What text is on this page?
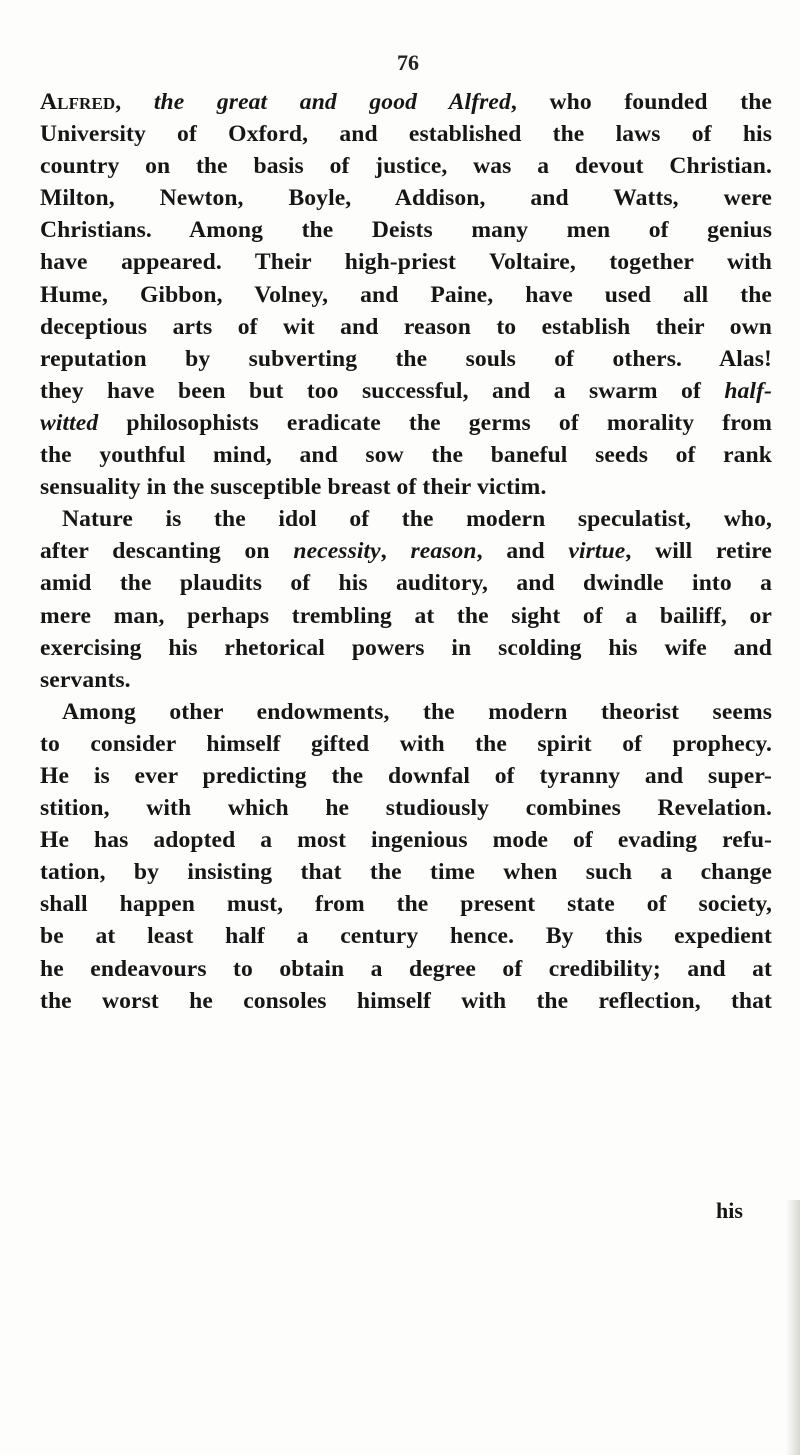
76
Alfred, the great and good Alfred, who founded the
University of Oxford, and established the laws of his
country on the basis of justice, was a devout Christian.
Milton, Newton, Boyle, Addison, and Watts, were
Christians. Among the Deists many men of genius
have appeared. Their high-priest Voltaire, together with
Hume, Gibbon, Volney, and Paine, have used all the
deceptious arts of wit and reason to establish their own
reputation by subverting the souls of others. Alas!
they have been but too successful, and a swarm of half-
witted philosophists eradicate the germs of morality from
the youthful mind, and sow the baneful seeds of rank
sensuality in the susceptible breast of their victim.
Nature is the idol of the modern speculatist, who,
after descanting on necessity, reason, and virtue, will retire
amid the plaudits of his auditory, and dwindle into a
mere man, perhaps trembling at the sight of a bailiff, or
exercising his rhetorical powers in scolding his wife and
servants.
Among other endowments, the modern theorist seems
to consider himself gifted with the spirit of prophecy.
He is ever predicting the downfal of tyranny and super-
stition, with which he studiously combines Revelation.
He has adopted a most ingenious mode of evading refu-
tation, by insisting that the time when such a change
shall happen must, from the present state of society,
be at least half a century hence. By this expedient
he endeavours to obtain a degree of credibility; and at
the worst he consoles himself with the reflection, that
his
